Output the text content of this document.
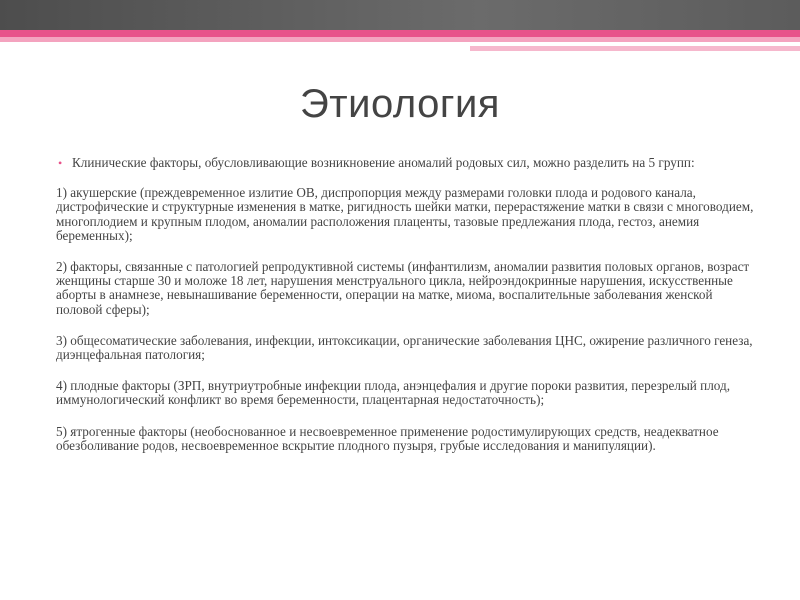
Этиология
• Клинические факторы, обусловливающие возникновение аномалий родовых сил, можно разделить на 5 групп:
1) акушерские (преждевременное излитие ОВ, диспропорция между размерами головки плода и родового канала, дистрофические и структурные изменения в матке, ригидность шейки матки, перерастяжение матки в связи с многоводием, многоплодием и крупным плодом, аномалии расположения плаценты, тазовые предлежания плода, гестоз, анемия беременных);
2) факторы, связанные с патологией репродуктивной системы (инфантилизм, аномалии развития половых органов, возраст женщины старше 30 и моложе 18 лет, нарушения менструального цикла, нейроэндокринные нарушения, искусственные аборты в анамнезе, невынашивание беременности, операции на матке, миома, воспалительные заболевания женской половой сферы);
3) общесоматические заболевания, инфекции, интоксикации, органические заболевания ЦНС, ожирение различного генеза, диэнцефальная патология;
4) плодные факторы (ЗРП, внутриутробные инфекции плода, анэнцефалия и другие пороки развития, перезрелый плод, иммунологический конфликт во время беременности, плацентарная недостаточность);
5) ятрогенные факторы (необоснованное и несвоевременное применение родостимулирующих средств, неадекватное обезболивание родов, несвоевременное вскрытие плодного пузыря, грубые исследования и манипуляции).
